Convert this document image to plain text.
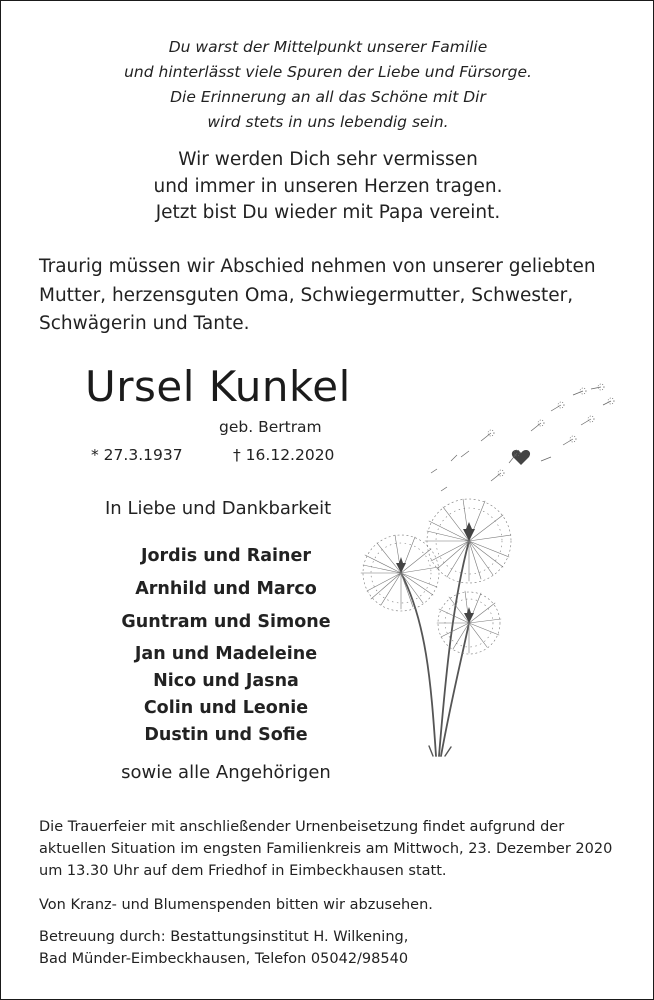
Du warst der Mittelpunkt unserer Familie
und hinterlässt viele Spuren der Liebe und Fürsorge.
Die Erinnerung an all das Schöne mit Dir
wird stets in uns lebendig sein.
Wir werden Dich sehr vermissen
und immer in unseren Herzen tragen.
Jetzt bist Du wieder mit Papa vereint.
Traurig müssen wir Abschied nehmen von unserer geliebten
Mutter, herzensguten Oma, Schwiegermutter, Schwester,
Schwägerin und Tante.
Ursel Kunkel
geb. Bertram
* 27.3.1937	† 16.12.2020
In Liebe und Dankbarkeit
Jordis und Rainer
Arnhild und Marco
Guntram und Simone
Jan und Madeleine
Nico und Jasna
Colin und Leonie
Dustin und Sofie
sowie alle Angehörigen
Die Trauerfeier mit anschließender Urnenbeisetzung findet aufgrund der
aktuellen Situation im engsten Familienkreis am Mittwoch, 23. Dezember 2020
um 13.30 Uhr auf dem Friedhof in Eimbeckhausen statt.
Von Kranz- und Blumenspenden bitten wir abzusehen.
Betreuung durch: Bestattungsinstitut H. Wilkening,
Bad Münder-Eimbeckhausen, Telefon 05042/98540
